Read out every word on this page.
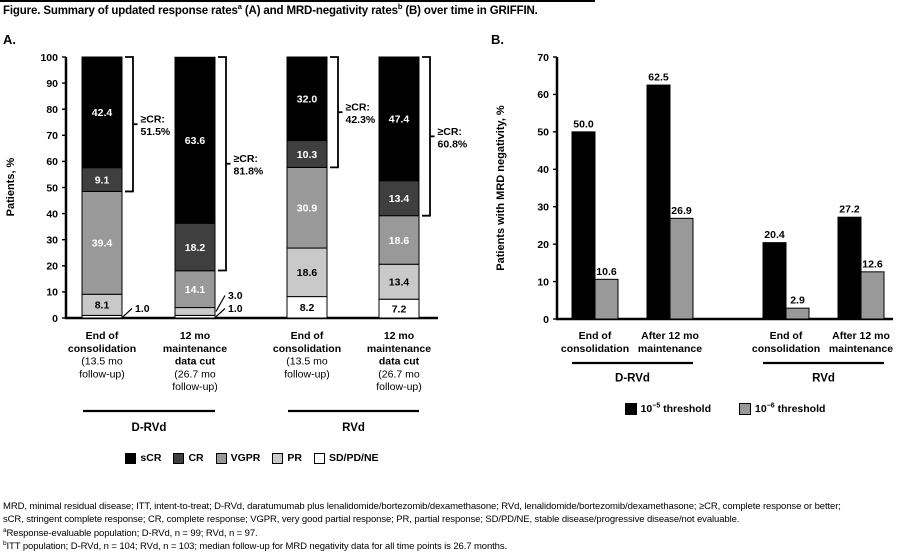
Figure. Summary of updated response rates$^a$ (A) and MRD-negativity rates$^b$ (B) over time in GRIFFIN.
A.	B.
0
10
20
30
40
50
60
70
80
90
100
Patients, %
8.1
39.4
9.1
42.4
14.1
18.2
63.6
8.2
18.6
30.9
10.3
32.0
7.2
13.4
18.6
13.4
47.4
1.0
3.0
1.0
≥CR:
51.5%
≥CR:
81.8%
≥CR:
42.3%
≥CR:
60.8%
End of
consolidation
(13.5 mo
follow-up)
12 mo
maintenance
data cut
(26.7 mo
follow-up)
End of
consolidation
(13.5 mo
follow-up)
12 mo
maintenance
data cut
(26.7 mo
follow-up)
D-RVd	RVd
0
10
20
30
40
50
60
70
Patients with MRD negativity, %	50.0
10.6
End of
consolidation
62.5
26.9
After 12 mo
maintenance
20.4
2.9
End of
consolidation
27.2
12.6
After 12 mo
maintenance
D-RVd	RVd
sCR	CR	VGPR	PR	SD/PD/NE
$10^{-5}$ threshold	$10^{-6}$ threshold
MRD, minimal residual disease; ITT, intent-to-treat; D-RVd, daratumumab plus lenalidomide/bortezomib/dexamethasone; RVd, lenalidomide/bortezomib/dexamethasone; ≥CR, complete response or better;
sCR, stringent complete response; CR, complete response; VGPR, very good partial response; PR, partial response; SD/PD/NE, stable disease/progressive disease/not evaluable.
$^a$Response-evaluable population; D-RVd, n = 99; RVd, n = 97.
$^b$ITT population; D-RVd, n = 104; RVd, n = 103; median follow-up for MRD negativity data for all time points is 26.7 months.
